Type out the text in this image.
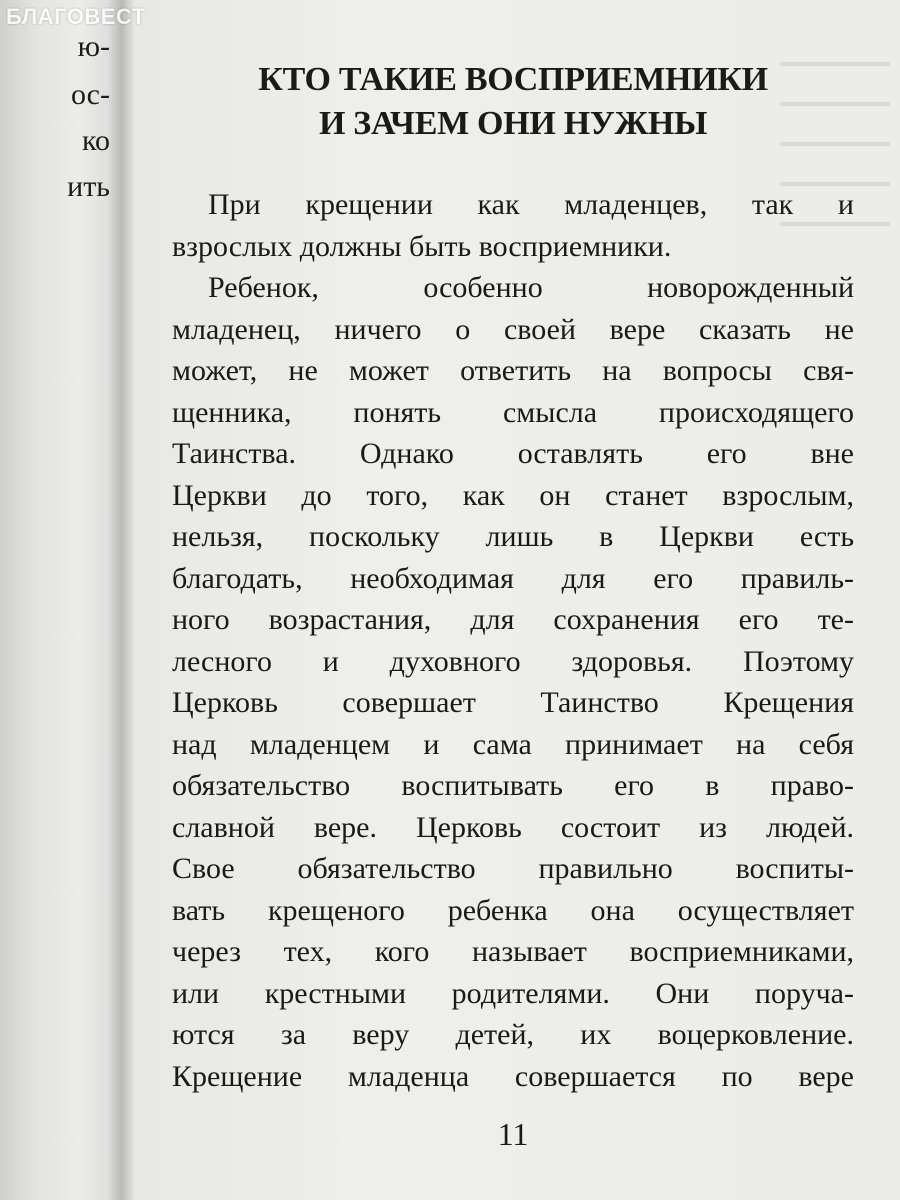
ю-
ос-
ко
ить
БЛАГОВЕСТ
КТО ТАКИЕ ВОСПРИЕМНИКИ
И ЗАЧЕМ ОНИ НУЖНЫ
При крещении как младенцев, так и
взрослых должны быть восприемники.
Ребенок, особенно новорожденный
младенец, ничего о своей вере сказать не
может, не может ответить на вопросы свя-
щенника, понять смысла происходящего
Таинства. Однако оставлять его вне
Церкви до того, как он станет взрослым,
нельзя, поскольку лишь в Церкви есть
благодать, необходимая для его правиль-
ного возрастания, для сохранения его те-
лесного и духовного здоровья. Поэтому
Церковь совершает Таинство Крещения
над младенцем и сама принимает на себя
обязательство воспитывать его в право-
славной вере. Церковь состоит из людей.
Свое обязательство правильно воспиты-
вать крещеного ребенка она осуществляет
через тех, кого называет восприемниками,
или крестными родителями. Они поруча-
ются за веру детей, их воцерковление.
Крещение младенца совершается по вере
11
